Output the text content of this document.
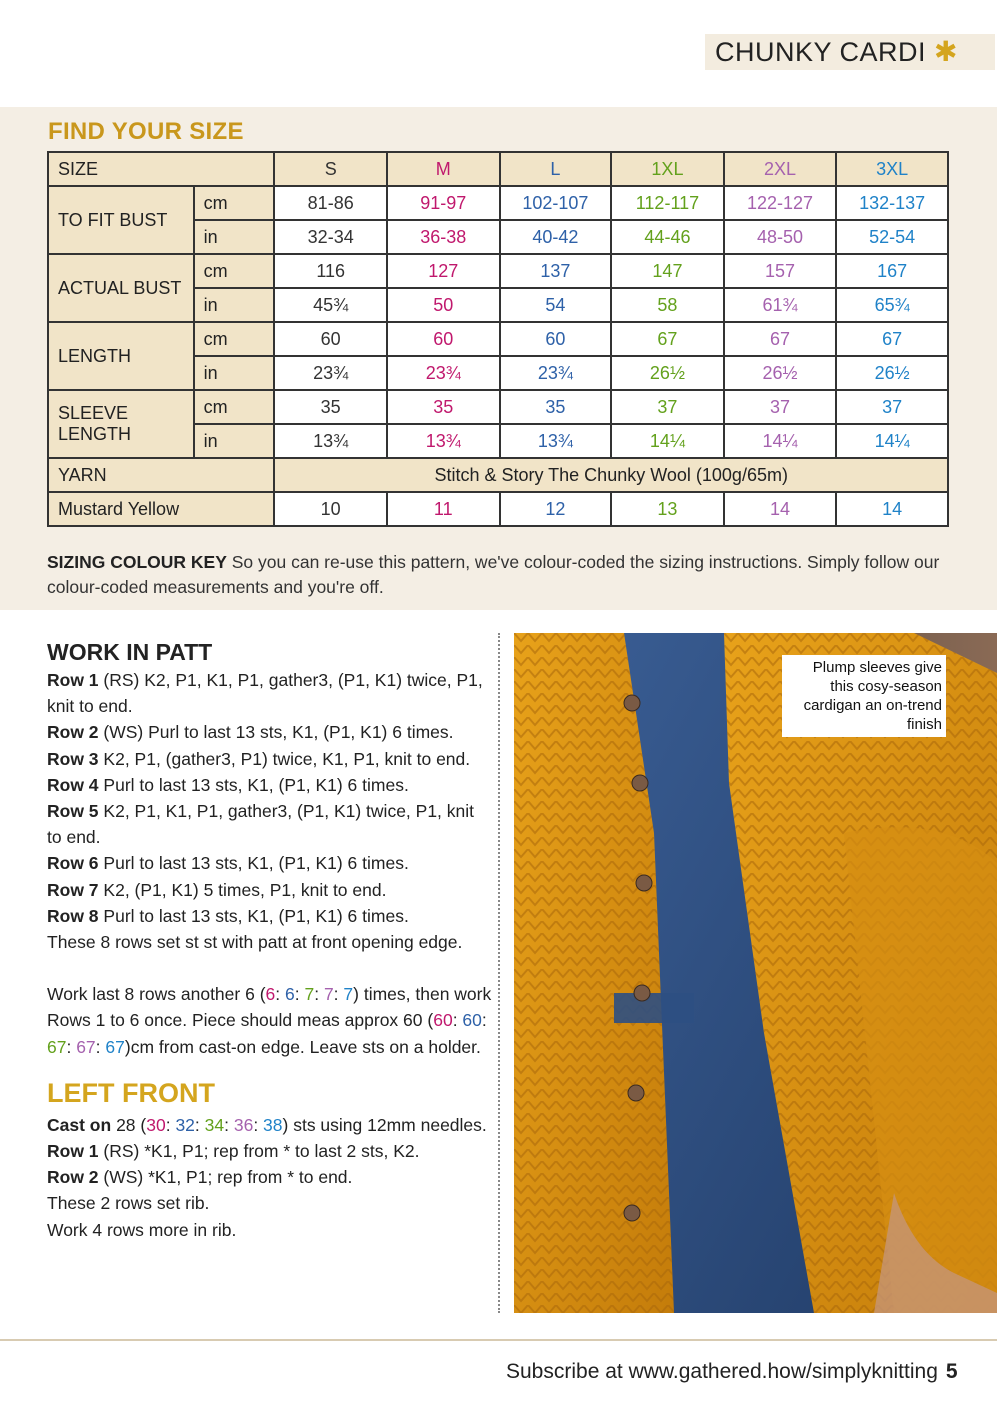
CHUNKY CARDI ✱
FIND YOUR SIZE
SIZE		S	M	L	1XL	2XL	3XL
TO FIT BUST	cm	81-86	91-97	102-107	112-117	122-127	132-137
	in	32-34	36-38	40-42	44-46	48-50	52-54
ACTUAL BUST	cm	116	127	137	147	157	167
	in	45¾	50	54	58	61¾	65¾
LENGTH	cm	60	60	60	67	67	67
	in	23¾	23¾	23¾	26½	26½	26½
SLEEVE LENGTH	cm	35	35	35	37	37	37
	in	13¾	13¾	13¾	14¼	14¼	14¼
YARN		Stitch & Story The Chunky Wool (100g/65m)					
Mustard Yellow		10	11	12	13	14	14
SIZING COLOUR KEY So you can re-use this pattern, we've colour-coded the sizing instructions. Simply follow our colour-coded measurements and you're off.
WORK IN PATT

Row 1 (RS) K2, P1, K1, P1, gather3, (P1, K1) twice, P1, knit to end.

Row 2 (WS) Purl to last 13 sts, K1, (P1, K1) 6 times.

Row 3 K2, P1, (gather3, P1) twice, K1, P1, knit to end.

Row 4 Purl to last 13 sts, K1, (P1, K1) 6 times.

Row 5 K2, P1, K1, P1, gather3, (P1, K1) twice, P1, knit to end.

Row 6 Purl to last 13 sts, K1, (P1, K1) 6 times.

Row 7 K2, (P1, K1) 5 times, P1, knit to end.

Row 8 Purl to last 13 sts, K1, (P1, K1) 6 times.

These 8 rows set st st with patt at front opening edge.

Work last 8 rows another 6 (6: 6: 7: 7: 7) times, then work Rows 1 to 6 once. Piece should meas approx 60 (60: 60: 67: 67: 67)cm from cast-on edge. Leave sts on a holder.

LEFT FRONT

Cast on 28 (30: 32: 34: 36: 38) sts using 12mm needles.

Row 1 (RS) *K1, P1; rep from * to last 2 sts, K2.

Row 2 (WS) *K1, P1; rep from * to end.

These 2 rows set rib.

Work 4 rows more in rib.

Plump sleeves give this cosy-season cardigan an on-trend finish
Subscribe at www.gathered.how/simplyknitting 5
